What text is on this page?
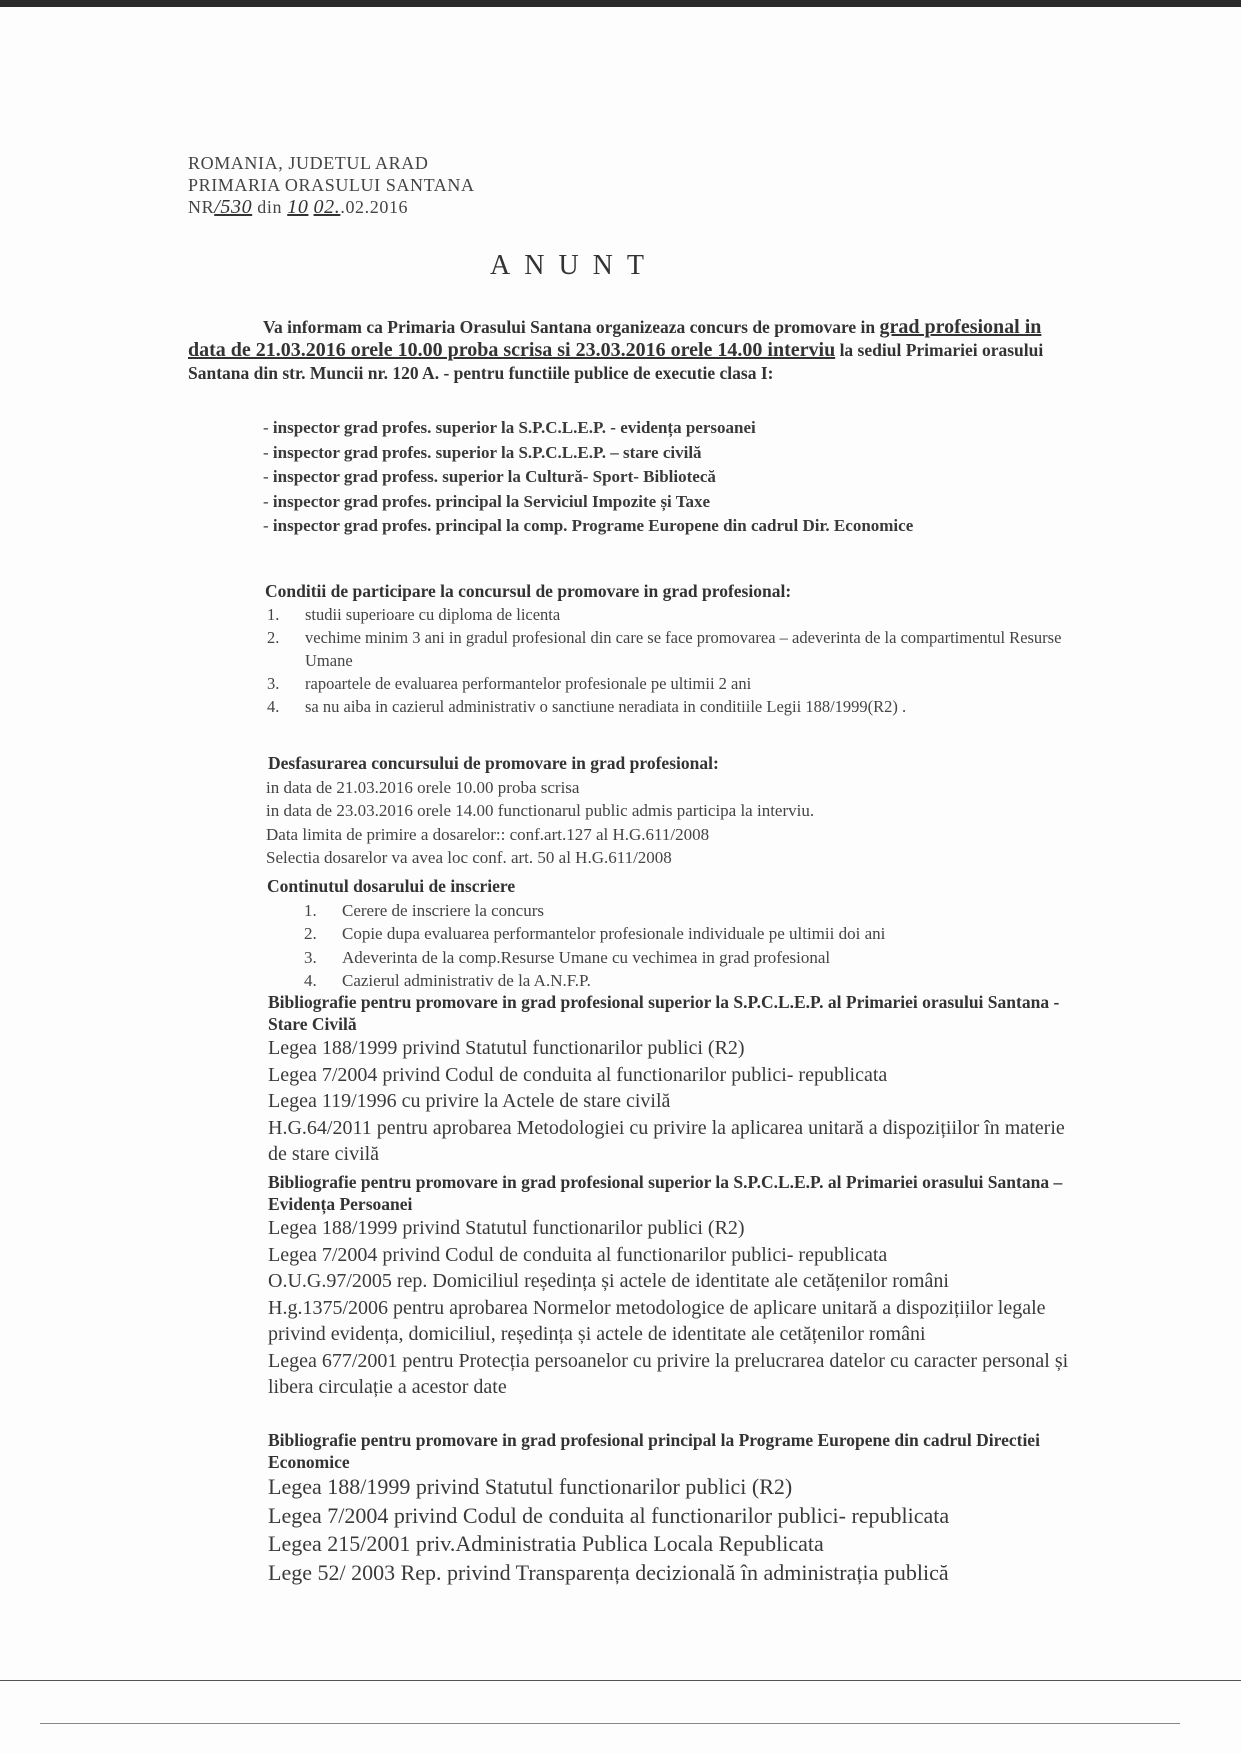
ROMANIA, JUDETUL ARAD
PRIMARIA ORASULUI SANTANA
NR/530 din 10 02..02.2016
ANUNT
Va informam ca Primaria Orasului Santana organizeaza concurs de promovare in grad profesional in data de 21.03.2016 orele 10.00 proba scrisa si 23.03.2016 orele 14.00 interviu la sediul Primariei orasului Santana din str. Muncii nr. 120 A. - pentru functiile publice de executie clasa I:
- inspector grad profes. superior la S.P.C.L.E.P. - evidența persoanei
- inspector grad profes. superior la S.P.C.L.E.P. – stare civilă
- inspector grad profess. superior la Cultură- Sport- Bibliotecă
- inspector grad profes. principal la Serviciul Impozite și Taxe
- inspector grad profes. principal la comp. Programe Europene din cadrul Dir. Economice
Conditii de participare la concursul de promovare in grad profesional:
1.	studii superioare cu diploma de licenta
2.	vechime minim 3 ani in gradul profesional din care se face promovarea – adeverinta de la compartimentul Resurse Umane
3.	rapoartele de evaluarea performantelor profesionale pe ultimii 2 ani
4.	sa nu aiba in cazierul administrativ o sanctiune neradiata in conditiile Legii 188/1999(R2) .
Desfasurarea concursului de promovare in grad profesional:
in data de 21.03.2016 orele 10.00 proba scrisa
in data de 23.03.2016 orele 14.00 functionarul public admis participa la interviu.
Data limita de primire a dosarelor:: conf.art.127 al H.G.611/2008
Selectia dosarelor va avea loc conf. art. 50 al H.G.611/2008
Continutul dosarului de inscriere
1.	Cerere de inscriere la concurs
2.	Copie dupa evaluarea performantelor profesionale individuale pe ultimii doi ani
3.	Adeverinta de la comp.Resurse Umane cu vechimea in grad profesional
4.	Cazierul administrativ de la A.N.F.P.
Bibliografie pentru promovare in grad profesional superior la S.P.C.L.E.P. al Primariei orasului Santana - Stare Civilă
Legea 188/1999 privind Statutul functionarilor publici (R2)
Legea 7/2004 privind Codul de conduita al functionarilor publici- republicata
Legea 119/1996 cu privire la Actele de stare civilă
H.G.64/2011 pentru aprobarea Metodologiei cu privire la aplicarea unitară a dispozițiilor în materie de stare civilă
Bibliografie pentru promovare in grad profesional superior la S.P.C.L.E.P. al Primariei orasului Santana – Evidența Persoanei
Legea 188/1999 privind Statutul functionarilor publici (R2)
Legea 7/2004 privind Codul de conduita al functionarilor publici- republicata
O.U.G.97/2005 rep. Domiciliul reședința și actele de identitate ale cetățenilor români
H.g.1375/2006 pentru aprobarea Normelor metodologice de aplicare unitară a dispozițiilor legale privind evidența, domiciliul, reședința și actele de identitate ale cetățenilor români
Legea 677/2001 pentru Protecția persoanelor cu privire la prelucrarea datelor cu caracter personal și libera circulație a acestor date
Bibliografie pentru promovare in grad profesional principal la Programe Europene din cadrul Directiei Economice
Legea 188/1999 privind Statutul functionarilor publici (R2)
Legea 7/2004 privind Codul de conduita al functionarilor publici- republicata
Legea 215/2001 priv.Administratia Publica Locala Republicata
Lege 52/ 2003 Rep. privind Transparența decizională în administrația publică
